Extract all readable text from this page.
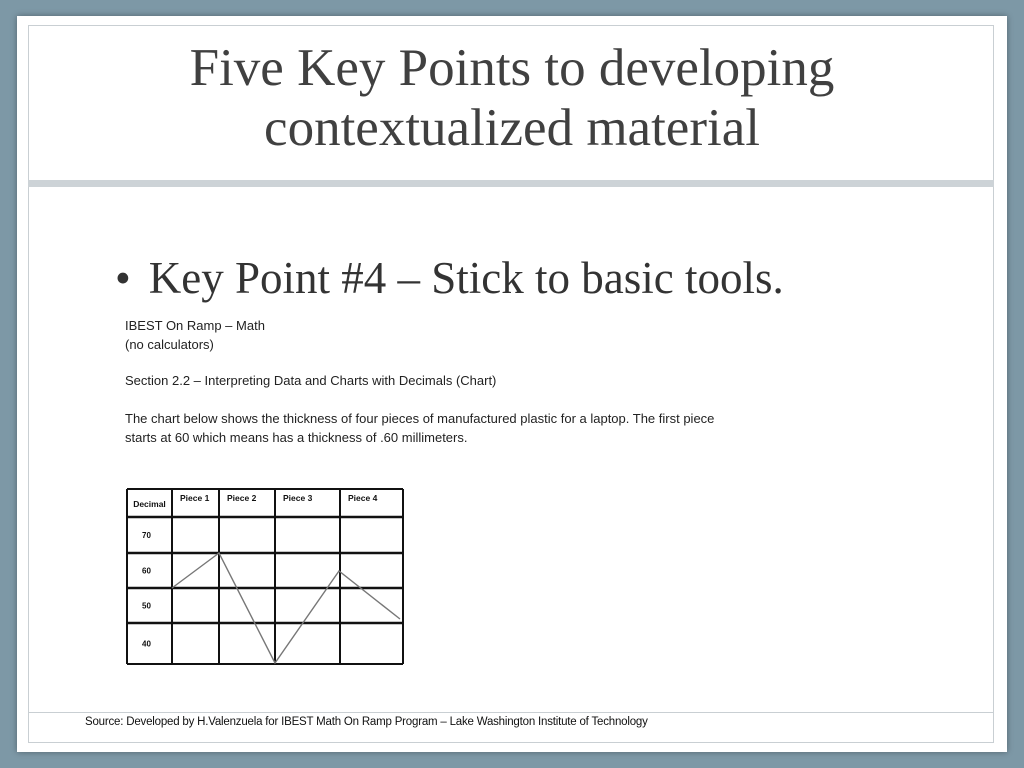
Five Key Points to developing
contextualized material
• Key Point #4 – Stick to basic tools.

IBEST On Ramp – Math

(no calculators)

Section 2.2 – Interpreting Data and Charts with Decimals (Chart)

The chart below shows the thickness of four pieces of manufactured plastic for a laptop. The first piece

starts at 60 which means has a thickness of .60 millimeters.

Decimal
Piece 1 Piece 2	Piece 3	Piece 4
70
60
50
40
Source: Developed by H.Valenzuela for IBEST Math On Ramp Program – Lake Washington Institute of Technology
